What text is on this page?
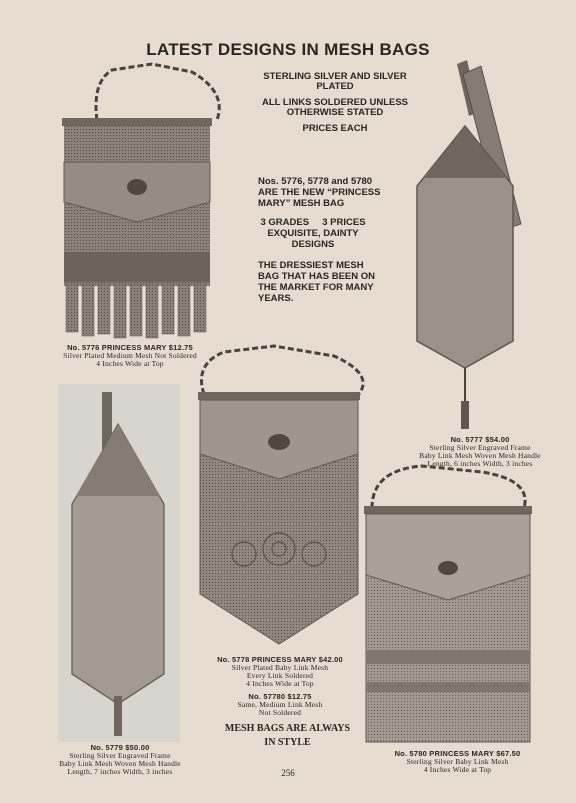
LATEST DESIGNS IN MESH BAGS
STERLING SILVER AND SILVER
PLATED
ALL LINKS SOLDERED UNLESS
OTHERWISE STATED
PRICES EACH
Nos. 5776, 5778 and 5780
ARE THE NEW “PRINCESS
MARY” MESH BAG
3 GRADES     3 PRICES
EXQUISITE, DAINTY
DESIGNS
THE DRESSIEST MESH
BAG THAT HAS BEEN ON
THE MARKET FOR MANY
YEARS.
No. 5776 PRINCESS MARY $12.75
Silver Plated Medium Mesh Not Soldered
4 Inches Wide at Top
No. 5777 $54.00
Sterling Silver Engraved Frame
Baby Link Mesh Woven Mesh Handle
Length, 6 inches Width, 3 inches
No. 5779 $50.00
Sterling Silver Engraved Frame
Baby Link Mesh Woven Mesh Handle
Length, 7 inches Width, 3 inches
No. 5778 PRINCESS MARY $42.00
Silver Plated Baby Link Mesh
Every Link Soldered
4 Inches Wide at Top
No. 57780 $12.75
Same, Medium Link Mesh
Not Soldered
MESH BAGS ARE ALWAYS
IN STYLE
No. 5780 PRINCESS MARY $67.50
Sterling Silver Baby Link Mesh
4 Inches Wide at Top
256
